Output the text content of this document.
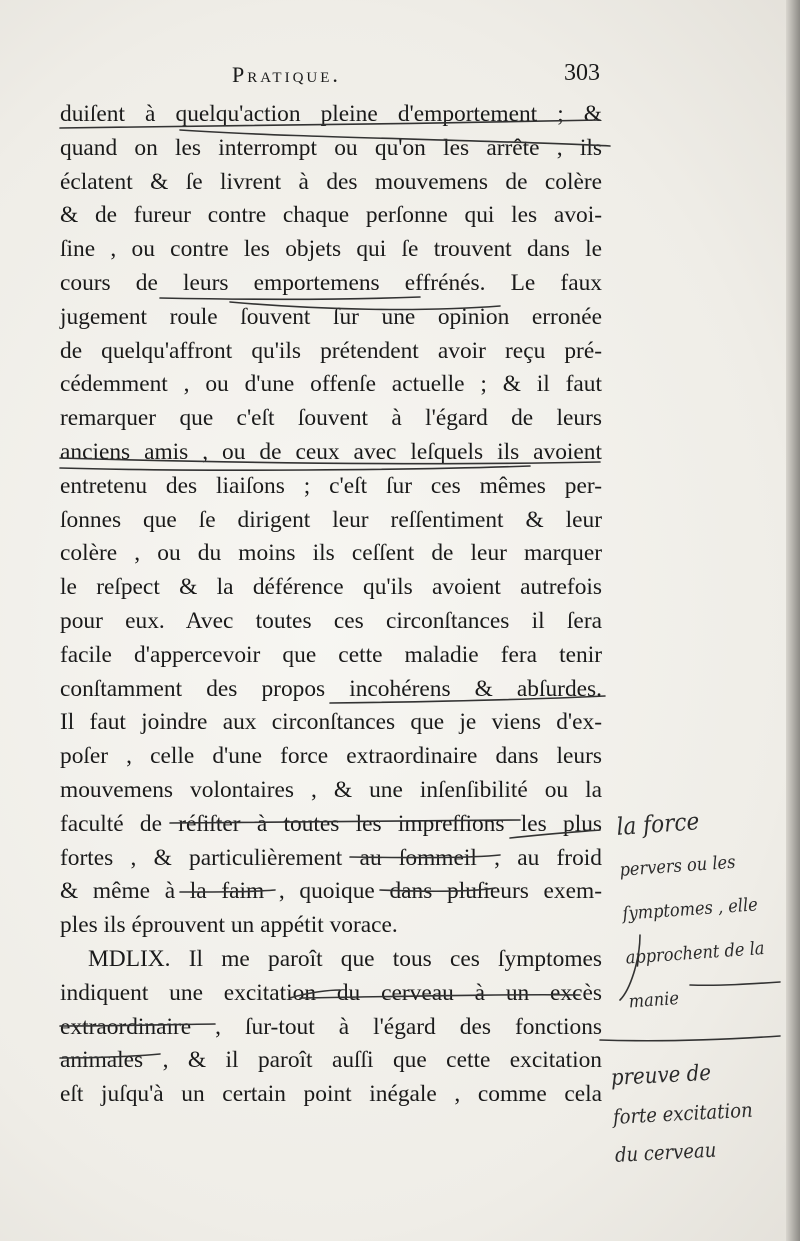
Pratique.	303
duiſent à quelqu'action pleine d'emportement ; &
quand on les interrompt ou qu'on les arrête , ils
éclatent & ſe livrent à des mouvemens de colère
& de fureur contre chaque perſonne qui les avoi-
ſine , ou contre les objets qui ſe trouvent dans le
cours de leurs emportemens effrénés. Le faux
jugement roule ſouvent ſur une opinion erronée
de quelqu'affront qu'ils prétendent avoir reçu pré-
cédemment , ou d'une offenſe actuelle ; & il faut
remarquer que c'eſt ſouvent à l'égard de leurs
anciens amis , ou de ceux avec leſquels ils avoient
entretenu des liaiſons ; c'eſt ſur ces mêmes per-
ſonnes que ſe dirigent leur reſſentiment & leur
colère , ou du moins ils ceſſent de leur marquer
le reſpect & la déférence qu'ils avoient autrefois
pour eux. Avec toutes ces circonſtances il ſera
facile d'appercevoir que cette maladie fera tenir
conſtamment des propos incohérens & abſurdes.
Il faut joindre aux circonſtances que je viens d'ex-
poſer , celle d'une force extraordinaire dans leurs
mouvemens volontaires , & une inſenſibilité ou la
faculté de réſiſter à toutes les impreſſions les plus
fortes , & particulièrement au ſommeil , au froid
& même à la faim , quoique dans pluſieurs exem-
ples ils éprouvent un appétit vorace.
MDLIX. Il me paroît que tous ces ſymptomes
indiquent une excitation du cerveau à un excès
extraordinaire , ſur-tout à l'égard des fonctions
animales , & il paroît auſſi que cette excitation
eſt juſqu'à un certain point inégale , comme cela
la force
pervers ou les
ſymptomes , elle
approchent de la
manie
preuve de
forte excitation
du cerveau
